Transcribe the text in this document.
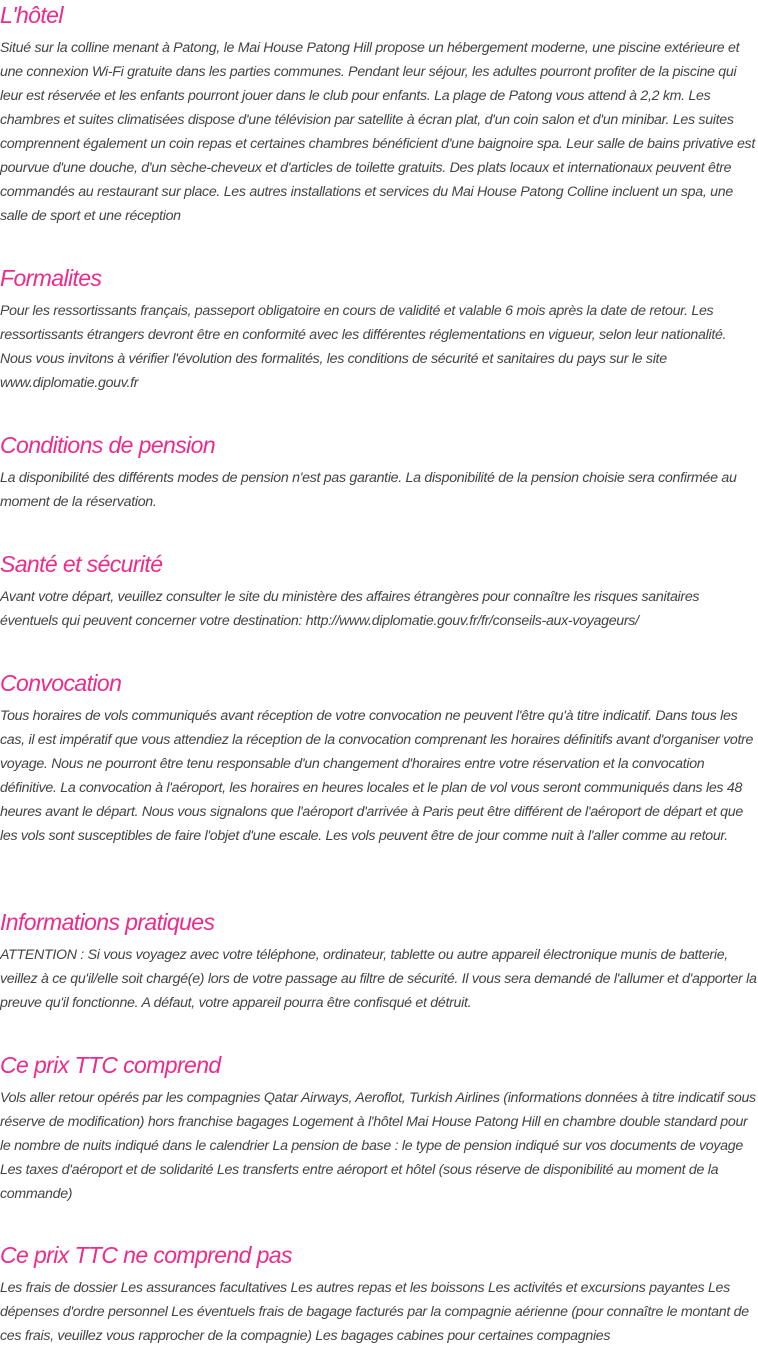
L'hôtel

Situé sur la colline menant à Patong, le Mai House Patong Hill propose un hébergement moderne, une piscine extérieure et une connexion Wi-Fi gratuite dans les parties communes. Pendant leur séjour, les adultes pourront profiter de la piscine qui leur est réservée et les enfants pourront jouer dans le club pour enfants. La plage de Patong vous attend à 2,2 km. Les chambres et suites climatisées dispose d'une télévision par satellite à écran plat, d'un coin salon et d'un minibar. Les suites comprennent également un coin repas et certaines chambres bénéficient d'une baignoire spa. Leur salle de bains privative est pourvue d'une douche, d'un sèche-cheveux et d'articles de toilette gratuits. Des plats locaux et internationaux peuvent être commandés au restaurant sur place. Les autres installations et services du Mai House Patong Colline incluent un spa, une salle de sport et une réception

Formalites

Pour les ressortissants français, passeport obligatoire en cours de validité et valable 6 mois après la date de retour. Les ressortissants étrangers devront être en conformité avec les différentes réglementations en vigueur, selon leur nationalité. Nous vous invitons à vérifier l'évolution des formalités, les conditions de sécurité et sanitaires du pays sur le site www.diplomatie.gouv.fr

Conditions de pension

La disponibilité des différents modes de pension n'est pas garantie. La disponibilité de la pension choisie sera confirmée au moment de la réservation.

Santé et sécurité

Avant votre départ, veuillez consulter le site du ministère des affaires étrangères pour connaître les risques sanitaires éventuels qui peuvent concerner votre destination: http://www.diplomatie.gouv.fr/fr/conseils-aux-voyageurs/

Convocation

Tous horaires de vols communiqués avant réception de votre convocation ne peuvent l'être qu'à titre indicatif. Dans tous les cas, il est impératif que vous attendiez la réception de la convocation comprenant les horaires définitifs avant d'organiser votre voyage. Nous ne pourront être tenu responsable d'un changement d'horaires entre votre réservation et la convocation définitive. La convocation à l'aéroport, les horaires en heures locales et le plan de vol vous seront communiqués dans les 48 heures avant le départ. Nous vous signalons que l'aéroport d'arrivée à Paris peut être différent de l'aéroport de départ et que les vols sont susceptibles de faire l'objet d'une escale. Les vols peuvent être de jour comme nuit à l'aller comme au retour.

Informations pratiques

ATTENTION : Si vous voyagez avec votre téléphone, ordinateur, tablette ou autre appareil électronique munis de batterie, veillez à ce qu'il/elle soit chargé(e) lors de votre passage au filtre de sécurité. Il vous sera demandé de l'allumer et d'apporter la preuve qu'il fonctionne. A défaut, votre appareil pourra être confisqué et détruit.

Ce prix TTC comprend

Vols aller retour opérés par les compagnies Qatar Airways, Aeroflot, Turkish Airlines (informations données à titre indicatif sous réserve de modification) hors franchise bagages Logement à l'hôtel Mai House Patong Hill en chambre double standard pour le nombre de nuits indiqué dans le calendrier La pension de base : le type de pension indiqué sur vos documents de voyage Les taxes d'aéroport et de solidarité Les transferts entre aéroport et hôtel (sous réserve de disponibilité au moment de la commande)

Ce prix TTC ne comprend pas

Les frais de dossier Les assurances facultatives Les autres repas et les boissons Les activités et excursions payantes Les dépenses d'ordre personnel Les éventuels frais de bagage facturés par la compagnie aérienne (pour connaître le montant de ces frais, veuillez vous rapprocher de la compagnie) Les bagages cabines pour certaines compagnies
